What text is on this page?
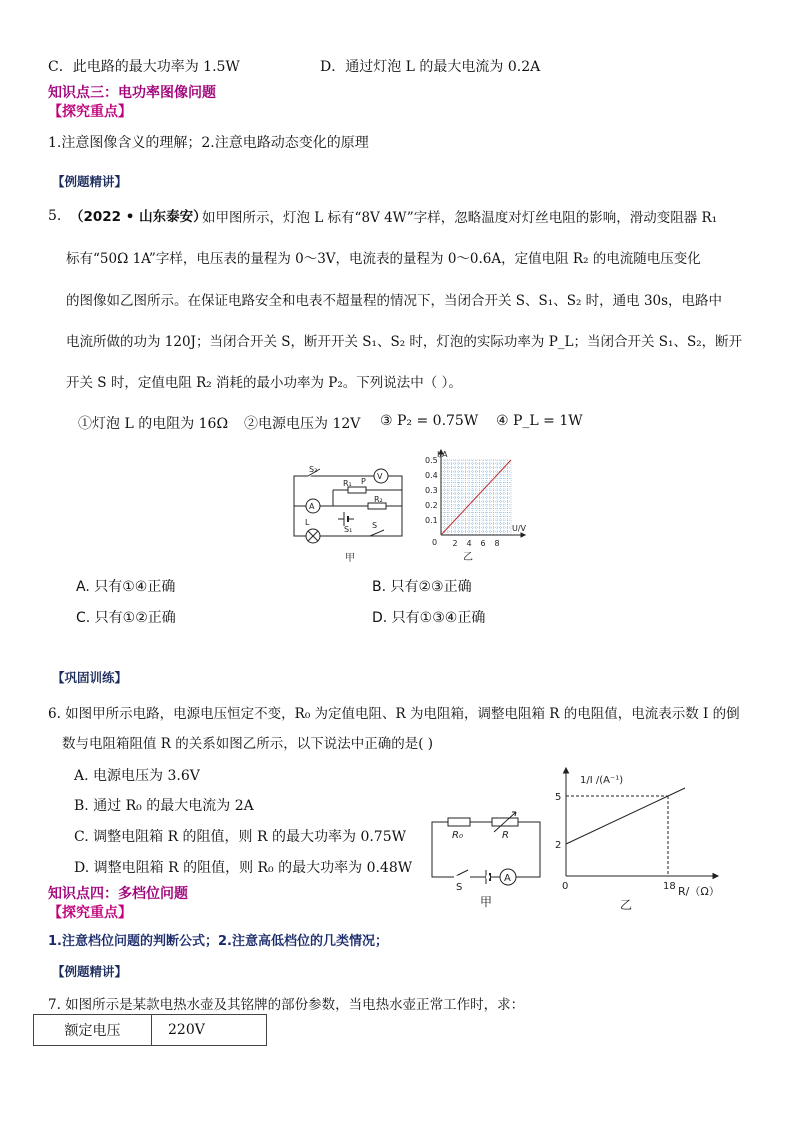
C．此电路的最大功率为 1.5W	D．通过灯泡 L 的最大电流为 0.2A
知识点三：电功率图像问题
【探究重点】
1.注意图像含义的理解；2.注意电路动态变化的原理
【例题精讲】
5. （2022 • 山东泰安）
如甲图所示，灯泡 L 标有“8V 4W”字样，忽略温度对灯丝电阻的影响，滑动变阻器 R₁
标有“50Ω 1A”字样，电压表的量程为 0～3V，电流表的量程为 0～0.6A，定值电阻 R₂ 的电流随电压变化
的图像如乙图所示。在保证电路安全和电表不超量程的情况下，当闭合开关 S、S₁、S₂ 时，通电 30s，电路中
电流所做的功为 120J；当闭合开关 S，断开开关 S₁、S₂ 时，灯泡的实际功率为 P_L；当闭合开关 S₁、S₂，断开
开关 S 时，定值电阻 R₂ 消耗的最小功率为 P₂。下列说法中（ ）。
①灯泡 L 的电阻为 16Ω ②电源电压为 12V ③ P₂ = 0.75W ④ P_L = 1W
S₂
V
A
R₁ P
R₂
L
S₁ S
甲
2 4 6 8
0.1
0.2
0.3
0.4
0.5
0
I/A
U/V
乙
A. 只有①④正确	B. 只有②③正确
C. 只有①②正确	D. 只有①③④正确
【巩固训练】
6. 如图甲所示电路，电源电压恒定不变，R₀ 为定值电阻、R 为电阻箱，调整电阻箱 R 的电阻值，电流表示数 I 的倒
数与电阻箱阻值 R 的关系如图乙所示，以下说法中正确的是( )
A. 电源电压为 3.6V
B. 通过 R₀ 的最大电流为 2A
C. 调整电阻箱 R 的阻值，则 R 的最大功率为 0.75W
D. 调整电阻箱 R 的阻值，则 R₀ 的最大功率为 0.48W
R₀	R
S
A
甲
0	18
2
5
1/I /(A⁻¹)
R/（Ω）
乙
知识点四：多档位问题
【探究重点】
1.注意档位问题的判断公式；2.注意高低档位的几类情况；
【例题精讲】
7. 如图所示是某款电热水壶及其铭牌的部份参数，当电热水壶正常工作时，求：
额定电压	220V
